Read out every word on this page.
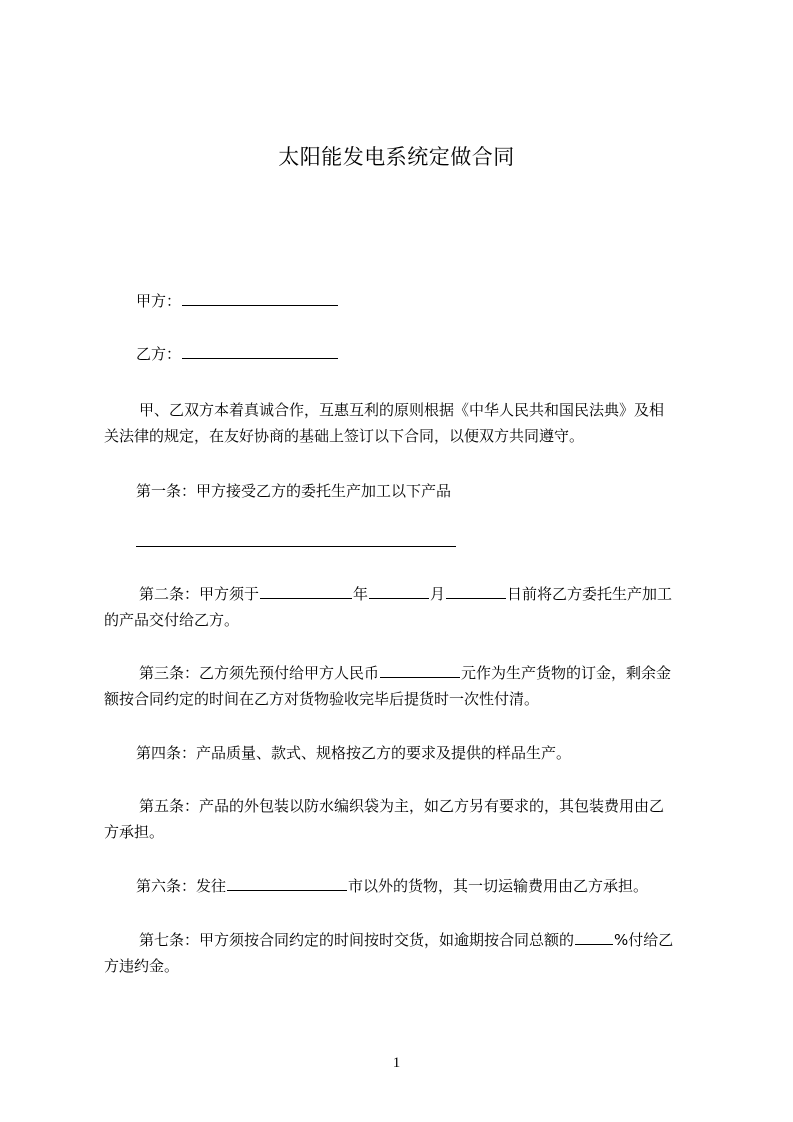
太阳能发电系统定做合同
甲方：
乙方：
甲、乙双方本着真诚合作，互惠互利的原则根据《中华人民共和国民法典》及相
关法律的规定，在友好协商的基础上签订以下合同，以便双方共同遵守。
第一条：甲方接受乙方的委托生产加工以下产品
第二条：甲方须于	年	月	日前将乙方委托生产加工
的产品交付给乙方。
第三条：乙方须先预付给甲方人民币	元作为生产货物的订金，剩余金
额按合同约定的时间在乙方对货物验收完毕后提货时一次性付清。
第四条：产品质量、款式、规格按乙方的要求及提供的样品生产。
第五条：产品的外包装以防水编织袋为主，如乙方另有要求的，其包装费用由乙
方承担。
第六条：发往	市以外的货物，其一切运输费用由乙方承担。
第七条：甲方须按合同约定的时间按时交货，如逾期按合同总额的	%付给乙
方违约金。
1
